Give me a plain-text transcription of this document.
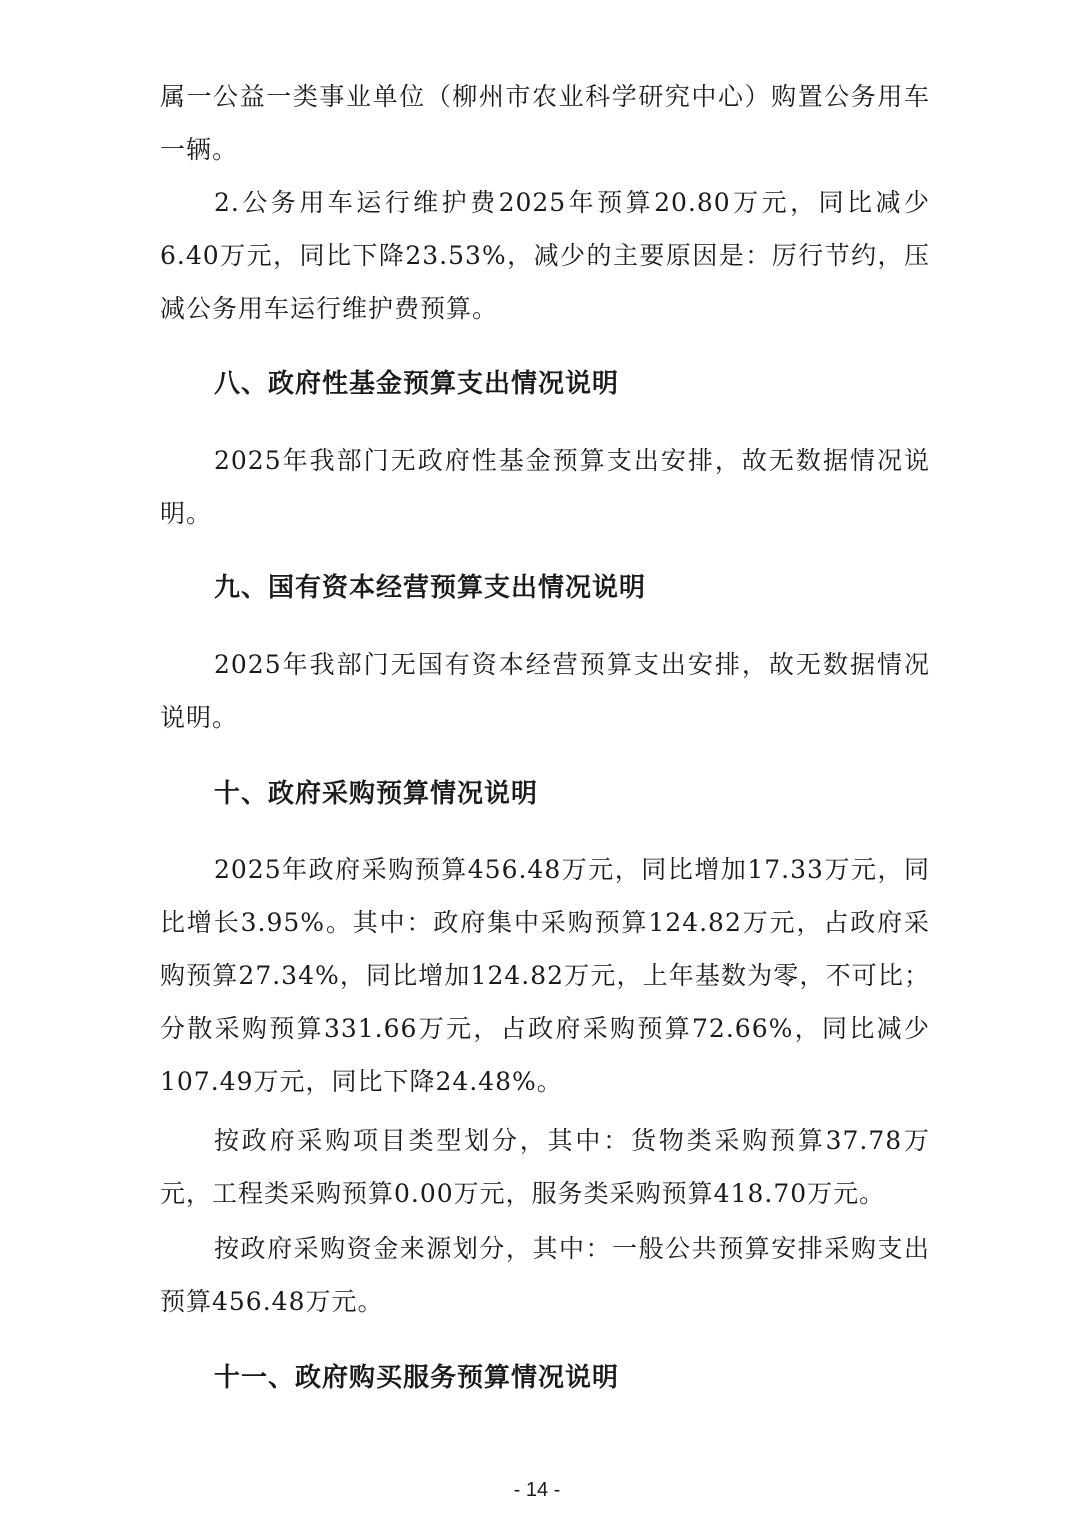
属一公益一类事业单位（柳州市农业科学研究中心）购置公务用车一辆。

2.公务用车运行维护费2025年预算20.80万元，同比减少6.40万元，同比下降23.53%，减少的主要原因是：厉行节约，压减公务用车运行维护费预算。

八、政府性基金预算支出情况说明

2025年我部门无政府性基金预算支出安排，故无数据情况说明。

九、国有资本经营预算支出情况说明

2025年我部门无国有资本经营预算支出安排，故无数据情况说明。

十、政府采购预算情况说明

2025年政府采购预算456.48万元，同比增加17.33万元，同比增长3.95%。其中：政府集中采购预算124.82万元，占政府采购预算27.34%，同比增加124.82万元，上年基数为零，不可比；分散采购预算331.66万元，占政府采购预算72.66%，同比减少107.49万元，同比下降24.48%。

按政府采购项目类型划分，其中：货物类采购预算37.78万元，工程类采购预算0.00万元，服务类采购预算418.70万元。

按政府采购资金来源划分，其中：一般公共预算安排采购支出预算456.48万元。

十一、政府购买服务预算情况说明
- 14 -
